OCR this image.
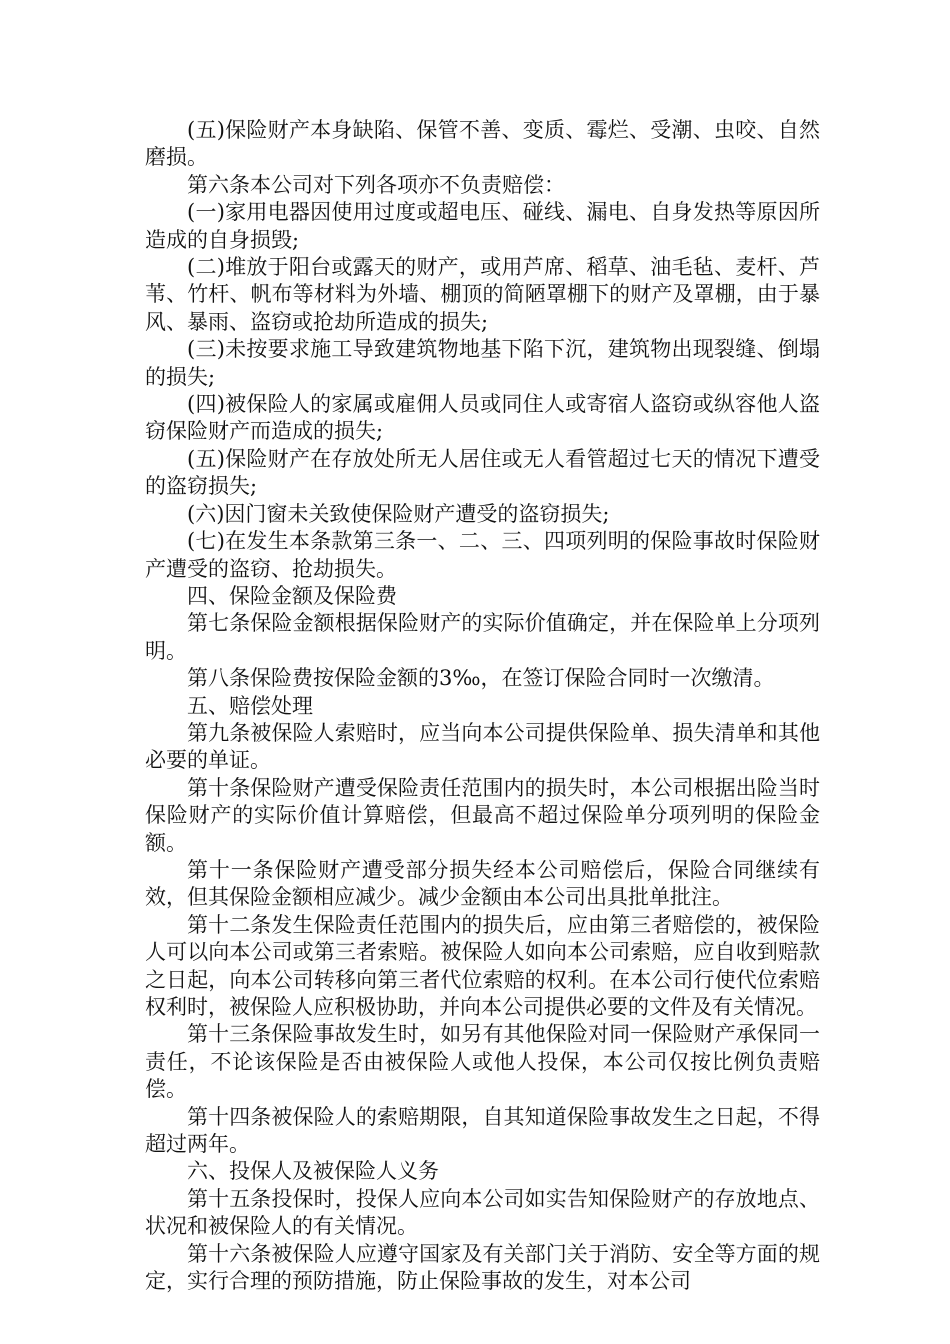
(五)保险财产本身缺陷、保管不善、变质、霉烂、受潮、虫咬、自然磨损。

第六条本公司对下列各项亦不负责赔偿：

(一)家用电器因使用过度或超电压、碰线、漏电、自身发热等原因所造成的自身损毁;

(二)堆放于阳台或露天的财产，或用芦席、稻草、油毛毡、麦杆、芦苇、竹杆、帆布等材料为外墙、棚顶的简陋罩棚下的财产及罩棚，由于暴风、暴雨、盗窃或抢劫所造成的损失;

(三)未按要求施工导致建筑物地基下陷下沉，建筑物出现裂缝、倒塌的损失;

(四)被保险人的家属或雇佣人员或同住人或寄宿人盗窃或纵容他人盗窃保险财产而造成的损失;

(五)保险财产在存放处所无人居住或无人看管超过七天的情况下遭受的盗窃损失;

(六)因门窗未关致使保险财产遭受的盗窃损失;

(七)在发生本条款第三条一、二、三、四项列明的保险事故时保险财产遭受的盗窃、抢劫损失。

四、保险金额及保险费

第七条保险金额根据保险财产的实际价值确定，并在保险单上分项列明。

第八条保险费按保险金额的3‰，在签订保险合同时一次缴清。

五、赔偿处理

第九条被保险人索赔时，应当向本公司提供保险单、损失清单和其他必要的单证。

第十条保险财产遭受保险责任范围内的损失时，本公司根据出险当时保险财产的实际价值计算赔偿，但最高不超过保险单分项列明的保险金额。

第十一条保险财产遭受部分损失经本公司赔偿后，保险合同继续有效，但其保险金额相应减少。减少金额由本公司出具批单批注。

第十二条发生保险责任范围内的损失后，应由第三者赔偿的，被保险人可以向本公司或第三者索赔。被保险人如向本公司索赔，应自收到赔款之日起，向本公司转移向第三者代位索赔的权利。在本公司行使代位索赔权利时，被保险人应积极协助，并向本公司提供必要的文件及有关情况。

第十三条保险事故发生时，如另有其他保险对同一保险财产承保同一责任，不论该保险是否由被保险人或他人投保，本公司仅按比例负责赔偿。

第十四条被保险人的索赔期限，自其知道保险事故发生之日起，不得超过两年。

六、投保人及被保险人义务

第十五条投保时，投保人应向本公司如实告知保险财产的存放地点、状况和被保险人的有关情况。

第十六条被保险人应遵守国家及有关部门关于消防、安全等方面的规定，实行合理的预防措施，防止保险事故的发生，对本公司
